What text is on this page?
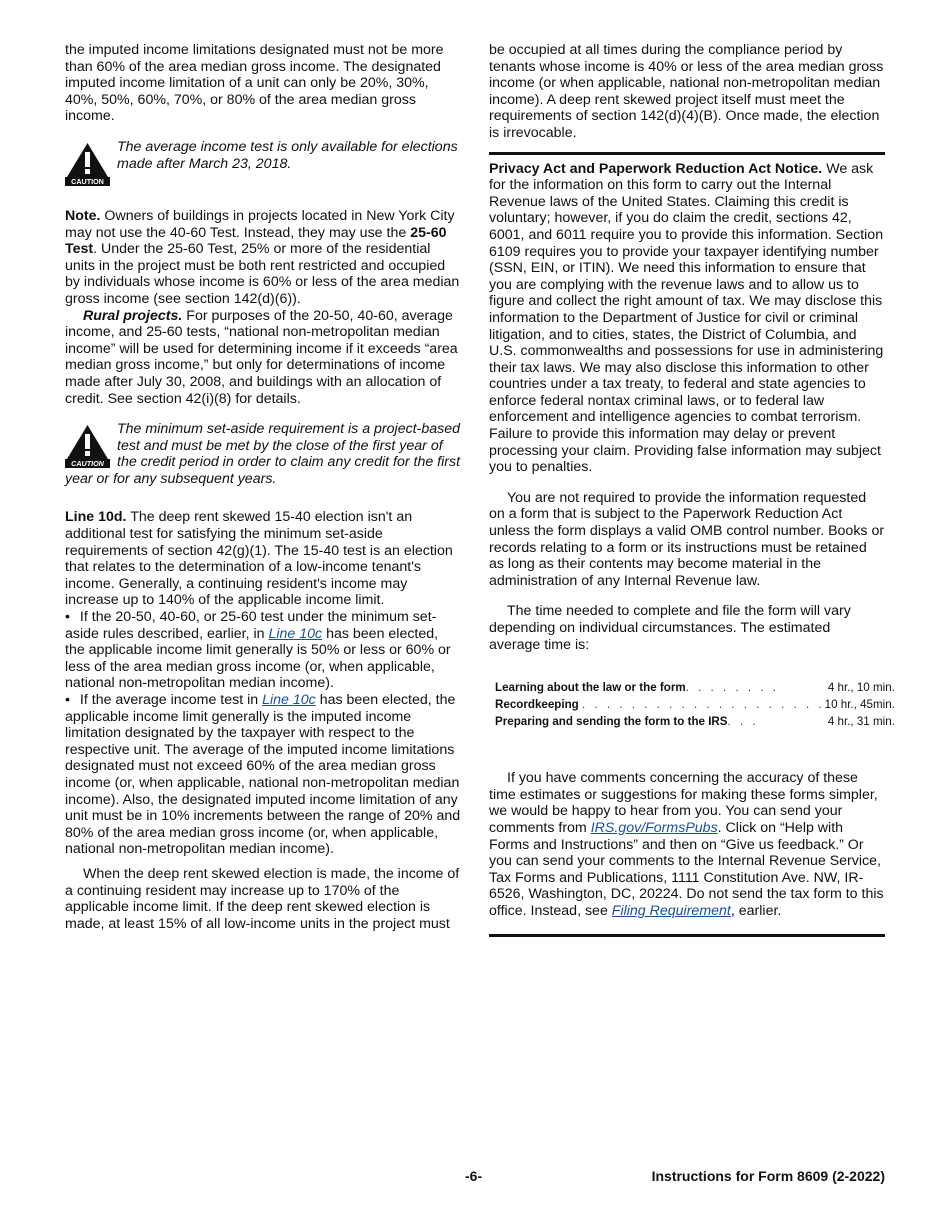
the imputed income limitations designated must not be more than 60% of the area median gross income. The designated imputed income limitation of a unit can only be 20%, 30%, 40%, 50%, 60%, 70%, or 80% of the area median gross income.

CAUTION
The average income test is only available for elections made after March 23, 2018.

Note. Owners of buildings in projects located in New York City may not use the 40-60 Test. Instead, they may use the 25-60 Test. Under the 25-60 Test, 25% or more of the residential units in the project must be both rent restricted and occupied by individuals whose income is 60% or less of the area median gross income (see section 142(d)(6)).

Rural projects. For purposes of the 20-50, 40-60, average income, and 25-60 tests, “national non-metropolitan median income” will be used for determining income if it exceeds “area median gross income,” but only for determinations of income made after July 30, 2008, and buildings with an allocation of credit. See section 42(i)(8) for details.

CAUTION
The minimum set-aside requirement is a project-based test and must be met by the close of the first year of the credit period in order to claim any credit for the first year or for any subsequent years.

Line 10d. The deep rent skewed 15-40 election isn't an additional test for satisfying the minimum set-aside requirements of section 42(g)(1). The 15-40 test is an election that relates to the determination of a low-income tenant's income. Generally, a continuing resident's income may increase up to 140% of the applicable income limit.

• If the 20-50, 40-60, or 25-60 test under the minimum set-aside rules described, earlier, in Line 10c has been elected, the applicable income limit generally is 50% or less or 60% or less of the area median gross income (or, when applicable, national non-metropolitan median income).

• If the average income test in Line 10c has been elected, the applicable income limit generally is the imputed income limitation designated by the taxpayer with respect to the respective unit. The average of the imputed income limitations designated must not exceed 60% of the area median gross income (or, when applicable, national non-metropolitan median income). Also, the designated imputed income limitation of any unit must be in 10% increments between the range of 20% and 80% of the area median gross income (or, when applicable, national non-metropolitan median income).

When the deep rent skewed election is made, the income of a continuing resident may increase up to 170% of the applicable income limit. If the deep rent skewed election is made, at least 15% of all low-income units in the project must

be occupied at all times during the compliance period by tenants whose income is 40% or less of the area median gross income (or when applicable, national non-metropolitan median income). A deep rent skewed project itself must meet the requirements of section 142(d)(4)(B). Once made, the election is irrevocable.

Privacy Act and Paperwork Reduction Act Notice. We ask for the information on this form to carry out the Internal Revenue laws of the United States. Claiming this credit is voluntary; however, if you do claim the credit, sections 42, 6001, and 6011 require you to provide this information. Section 6109 requires you to provide your taxpayer identifying number (SSN, EIN, or ITIN). We need this information to ensure that you are complying with the revenue laws and to allow us to figure and collect the right amount of tax. We may disclose this information to the Department of Justice for civil or criminal litigation, and to cities, states, the District of Columbia, and U.S. commonwealths and possessions for use in administering their tax laws. We may also disclose this information to other countries under a tax treaty, to federal and state agencies to enforce federal nontax criminal laws, or to federal law enforcement and intelligence agencies to combat terrorism. Failure to provide this information may delay or prevent processing your claim. Providing false information may subject you to penalties.

You are not required to provide the information requested on a form that is subject to the Paperwork Reduction Act unless the form displays a valid OMB control number. Books or records relating to a form or its instructions must be retained as long as their contents may become material in the administration of any Internal Revenue law.

The time needed to complete and file the form will vary depending on individual circumstances. The estimated average time is:

Learning about the law or the form. . . . . . . .	4 hr., 10 min.
Recordkeeping . . . . . . . . . . . . . . . . . . . .	10 hr., 45min.
Preparing and sending the form to the IRS. . .	4 hr., 31 min.

If you have comments concerning the accuracy of these time estimates or suggestions for making these forms simpler, we would be happy to hear from you. You can send your comments from IRS.gov/FormsPubs. Click on “Help with Forms and Instructions” and then on “Give us feedback.” Or you can send your comments to the Internal Revenue Service, Tax Forms and Publications, 1111 Constitution Ave. NW, IR-6526, Washington, DC, 20224. Do not send the tax form to this office. Instead, see Filing Requirement, earlier.

-6-	Instructions for Form 8609 (2-2022)
